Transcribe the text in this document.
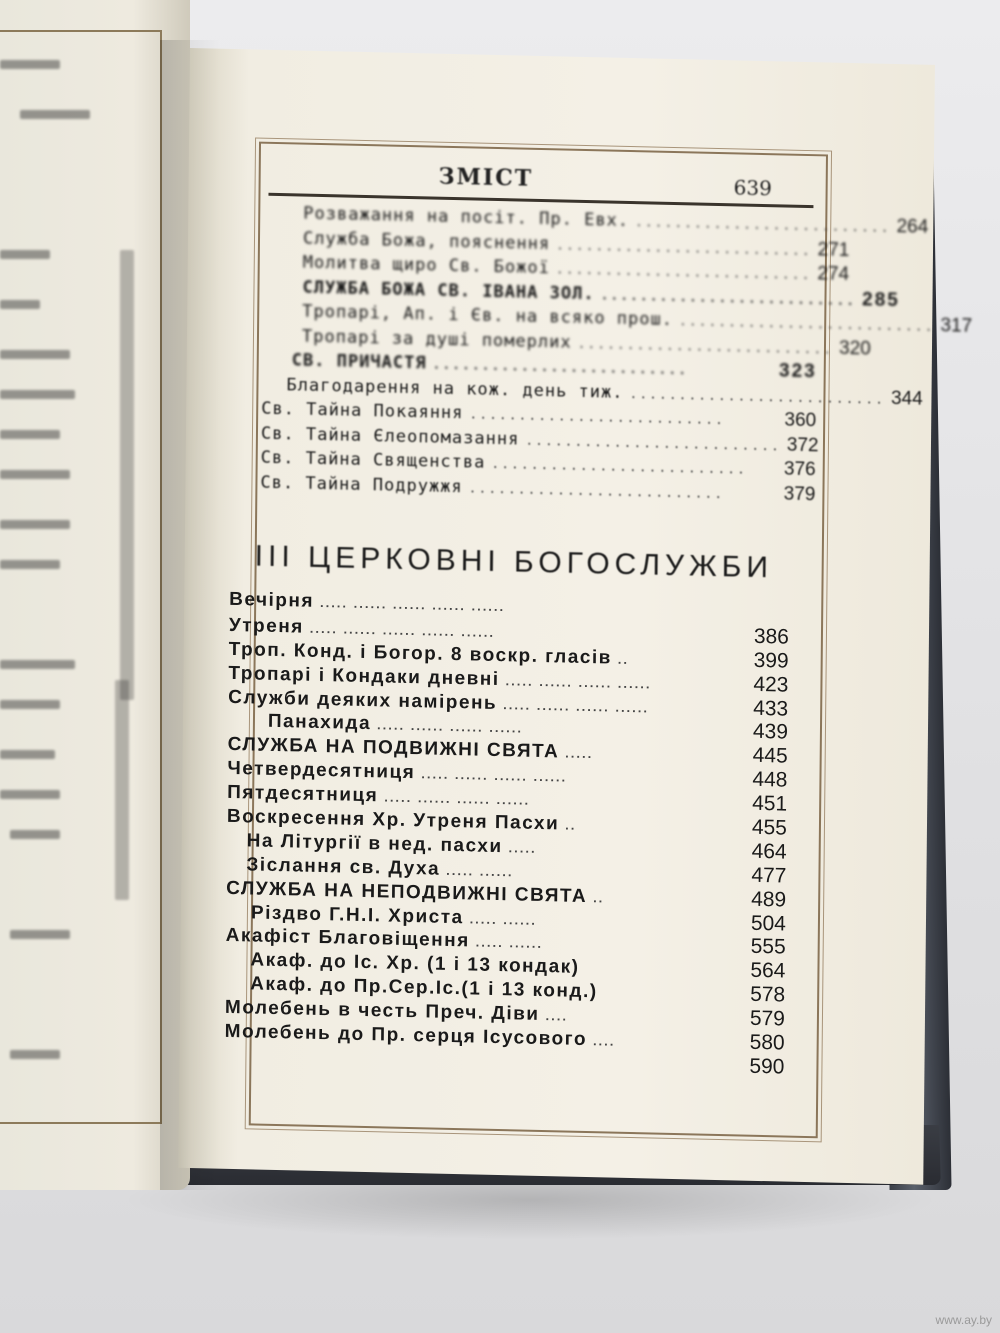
ЗМІСТ	639
Розважання на посіт. Пр. Евх. .......................... 264
Служба Божа, пояснення .......................... 271
Молитва щиро Св. Божої .......................... 274
СЛУЖБА БОЖА СВ. ІВАНА ЗОЛ. .......................... 285
Тропарі, Ап. і Єв. на всяко прош. .......................... 317
Тропарі за душі померлих .......................... 320
СВ. ПРИЧАСТЯ ..........................	323
Благодарення на кож. день тиж. .......................... 344
Св. Тайна Покаяння ..........................	360
Св. Тайна Єлеопомазання .......................... 372
Св. Тайна Священства ..........................	376
Св. Тайна Подружжя ..........................	379
III ЦЕРКОВНІ БОГОСЛУЖБИ
Вечірня ..... ...... ...... ...... ......
Утреня ..... ...... ...... ...... ......	386
Троп. Конд. і Богор. 8 воскр. гласів ..	399
Тропарі і Кондаки дневні ..... ...... ...... ......	423
Служби деяких намірень ..... ...... ...... ......	433
Панахида ..... ...... ...... ......	439
СЛУЖБА НА ПОДВИЖНІ СВЯТА .....	445
Четвердесятниця ..... ...... ...... ......	448
Пятдесятниця ..... ...... ...... ......	451
Воскресення Хр. Утреня Пасхи ..	455
На Літургії в нед. пасхи .....	464
Зіслання св. Духа ..... ......	477
СЛУЖБА НА НЕПОДВИЖНІ СВЯТА ..	489
Різдво Г.Н.І. Христа ..... ......	504
Акафіст Благовіщення ..... ......	555
Акаф. до Іс. Хр. (1 і 13 кондак)	564
Акаф. до Пр.Сер.Іс.(1 і 13 конд.)	578
Молебень в честь Преч. Діви ....	579
Молебень до Пр. серця Ісусового ....	580
590
www.ay.by
